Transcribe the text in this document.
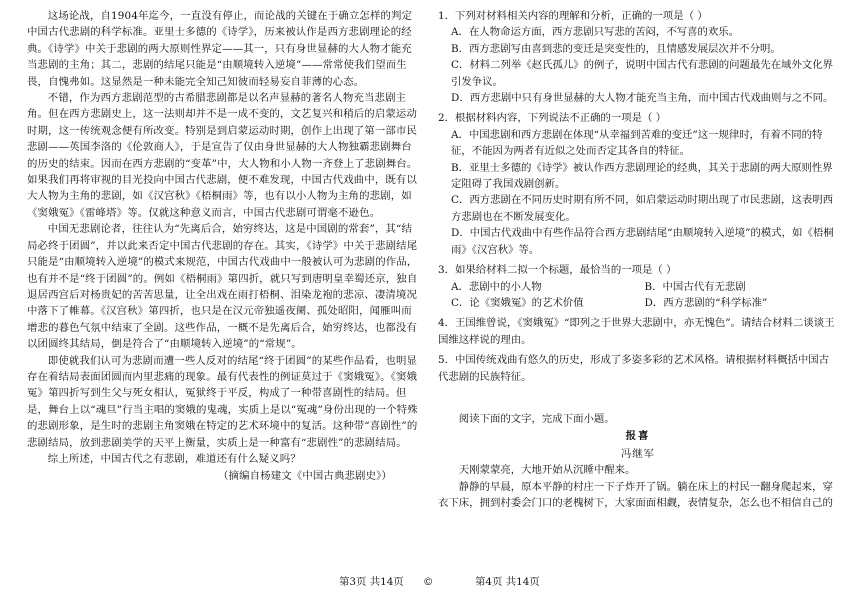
这场论战，自1904年迄今，一直没有停止，而论战的关键在于确立怎样的判定中国古代悲剧的科学标准。亚里士多德的《诗学》，历来被认作是西方悲剧理论的经典。《诗学》中关于悲剧的两大原则性界定——其一，只有身世显赫的大人物才能充当悲剧的主角；其二，悲剧的结尾只能是“由顺境转入逆境”——常常使我们望而生畏，自愧弗如。这显然是一种未能完全知己知彼而轻易妄自菲薄的心态。

不错，作为西方悲剧范型的古希腊悲剧都是以名声显赫的著名人物充当悲剧主角。但在西方悲剧史上，这一法则却并不是一成不变的，文艺复兴和稍后的启蒙运动时期，这一传统观念便有所改变。特别是到启蒙运动时期，创作上出现了第一部市民悲剧——英国李洛的《伦敦商人》，于是宣告了仅由身世显赫的大人物独霸悲剧舞台的历史的结束。因而在西方悲剧的“变革”中，大人物和小人物一齐登上了悲剧舞台。如果我们再将审视的目光投向中国古代悲剧，便不难发现，中国古代戏曲中，既有以大人物为主角的悲剧，如《汉宫秋》《梧桐雨》等，也有以小人物为主角的悲剧，如《窦娥冤》《雷峰塔》等。仅就这种意义而言，中国古代悲剧可谓毫不逊色。

中国无悲剧论者，往往认为“先离后合，始穷终达，这是中国剧的常套”，其“结局必终于团圆”，并以此来否定中国古代悲剧的存在。其实，《诗学》中关于悲剧结尾只能是“由顺境转入逆境”的模式来规范，中国古代戏曲中一般被认可为悲剧的作品，也有并不是“终于团圆”的。例如《梧桐雨》第四折，就只写到唐明皇幸蜀还京，独自退居西宫后对杨贵妃的苦苦思量，让全出戏在雨打梧桐、泪染龙袍的悲凉、凄清境况中落下了帷幕。《汉宫秋》第四折，也只是在汉元帝独遥夜阑、孤处昭阳，闻雁叫而增悲的暮色气氛中结束了全剧。这些作品，一概不是先离后合，始穷终达，也都没有以团圆终其结局，倒是符合了“由顺境转入逆境”的“常规”。

即使就我们认可为悲剧而遭一些人反对的结尾“终于团圆”的某些作品看，也明显存在着结局表面团圆而内里悲痛的现象。最有代表性的例证莫过于《窦娥冤》。《窦娥冤》第四折写到生父与死女相认，冤狱终于平反，构成了一种带喜剧性的结局。但是，舞台上以“魂旦”行当主唱的窦娥的鬼魂，实质上是以“冤魂”身份出现的一个特殊的悲剧形象，是生时的悲剧主角窦娥在特定的艺术环境中的复活。这种带“喜剧性”的悲剧结局，放到悲剧美学的天平上衡量，实质上是一种富有“悲剧性”的悲剧结局。

综上所述，中国古代之有悲剧，难道还有什么疑义吗？

（摘编自杨建文《中国古典悲剧史》）

1．下列对材料相关内容的理解和分析，正确的一项是（ ）

A．在人物命运方面，西方悲剧只写悲的苦闷，不写喜的欢乐。

B．西方悲剧写由喜到悲的变迁是突变性的，且情感发展层次并不分明。

C．材料二列举《赵氏孤儿》的例子，说明中国古代有悲剧的问题最先在域外文化界引发争议。

D．西方悲剧中只有身世显赫的大人物才能充当主角，而中国古代戏曲则与之不同。

2．根据材料内容，下列说法不正确的一项是（ ）

A．中国悲剧和西方悲剧在体现“从幸福到苦难的变迁”这一规律时，有着不同的特征，不能因为两者有近似之处而否定其各自的特征。

B．亚里士多德的《诗学》被认作西方悲剧理论的经典，其关于悲剧的两大原则性界定阻碍了我国戏剧创新。

C．西方悲剧在不同历史时期有所不同，如启蒙运动时期出现了市民悲剧，这表明西方悲剧也在不断发展变化。

D．中国古代戏曲中有些作品符合西方悲剧结尾“由顺境转入逆境”的模式，如《梧桐雨》《汉宫秋》等。

3．如果给材料二拟一个标题，最恰当的一项是（ ）

A．悲剧中的小人物	B．中国古代有无悲剧
C．论《窦娥冤》的艺术价值	D．西方悲剧的“科学标准”

4．王国维曾说，《窦娥冤》“即列之于世界大悲剧中，亦无愧色”。请结合材料二谈谈王国维这样说的理由。

5．中国传统戏曲有悠久的历史，形成了多姿多彩的艺术风格。请根据材料概括中国古代悲剧的民族特征。

阅读下面的文字，完成下面小题。

报喜

冯继军

天刚蒙蒙亮，大地开始从沉睡中醒来。

静静的早晨，原本平静的村庄一下子炸开了锅。躺在床上的村民一翻身爬起来，穿衣下床，拥到村委会门口的老槐树下，大家面面相觑，表情复杂，怎么也不相信自己的

第3页 共14页 ©	第4页 共14页
